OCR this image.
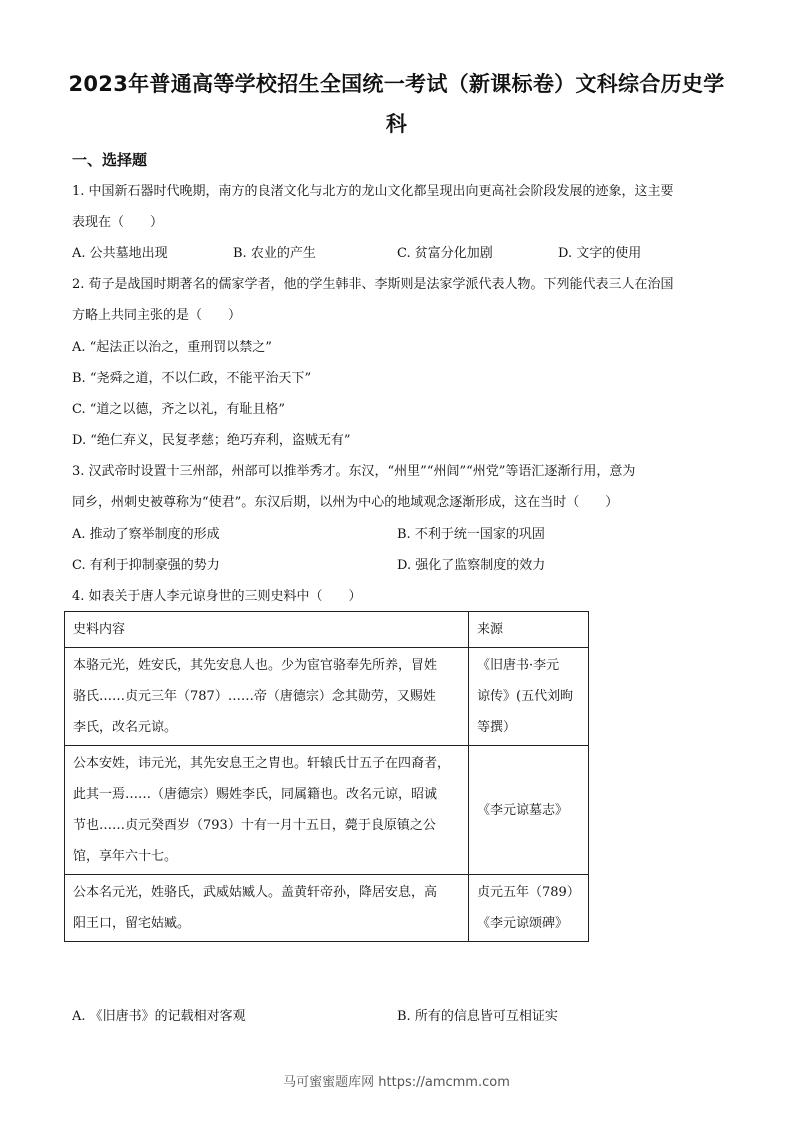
2023年普通高等学校招生全国统一考试（新课标卷）文科综合历史学
科
一、选择题
1. 中国新石器时代晚期，南方的良渚文化与北方的龙山文化都呈现出向更高社会阶段发展的迹象，这主要
表现在（　　）
A. 公共墓地出现	B. 农业的产生	C. 贫富分化加剧	D. 文字的使用
2. 荀子是战国时期著名的儒家学者，他的学生韩非、李斯则是法家学派代表人物。下列能代表三人在治国
方略上共同主张的是（　　）
A. “起法正以治之，重刑罚以禁之”
B. “尧舜之道，不以仁政，不能平治天下”
C. “道之以德，齐之以礼，有耻且格”
D. “绝仁弃义，民复孝慈；绝巧弃利，盗贼无有”
3. 汉武帝时设置十三州部，州部可以推举秀才。东汉，“州里”“州闾”“州党”等语汇逐渐行用，意为
同乡，州刺史被尊称为“使君”。东汉后期，以州为中心的地域观念逐渐形成，这在当时（　　）
A. 推动了察举制度的形成	B. 不利于统一国家的巩固
C. 有利于抑制豪强的势力	D. 强化了监察制度的效力
4. 如表关于唐人李元谅身世的三则史料中（　　）
史料内容	来源

本骆元光，姓安氏，其先安息人也。少为宦官骆奉先所养，冒姓
骆氏……贞元三年（787）……帝（唐德宗）念其勋劳，又赐姓
李氏，改名元谅。	《旧唐书·李元
谅传》(五代刘昫
等撰）

公本安姓，讳元光，其先安息王之胄也。轩辕氏廿五子在四裔者，
此其一焉……（唐德宗）赐姓李氏，同属籍也。改名元谅，昭诚
节也……贞元癸酉岁（793）十有一月十五日，薨于良原镇之公
馆，享年六十七。	《李元谅墓志》

公本名元光，姓骆氏，武威姑臧人。盖黄轩帝孙，降居安息，高
阳王口，留宅姑臧。	贞元五年（789）
《李元谅颂碑》
A. 《旧唐书》的记载相对客观	B. 所有的信息皆可互相证实
马可蜜蜜题库网 https://amcmm.com
